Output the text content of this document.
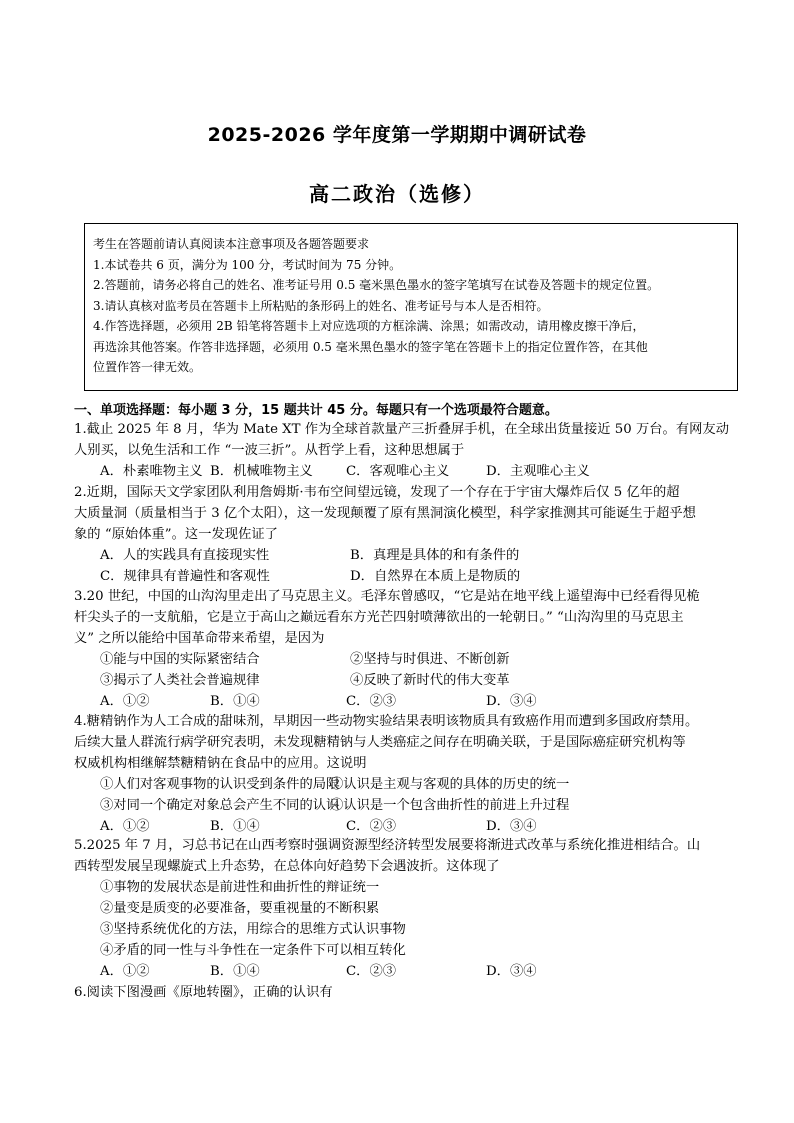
2025-2026 学年度第一学期期中调研试卷
高二政治（选修）
考生在答题前请认真阅读本注意事项及各题答题要求
1.本试卷共 6 页，满分为 100 分，考试时间为 75 分钟。
2.答题前，请务必将自己的姓名、准考证号用 0.5 毫米黑色墨水的签字笔填写在试卷及答题卡的规定位置。
3.请认真核对监考员在答题卡上所粘贴的条形码上的姓名、准考证号与本人是否相符。
4.作答选择题，必须用 2B 铅笔将答题卡上对应选项的方框涂满、涂黑；如需改动，请用橡皮擦干净后，
再选涂其他答案。作答非选择题，必须用 0.5 毫米黑色墨水的签字笔在答题卡上的指定位置作答，在其他
位置作答一律无效。
一、单项选择题：每小题 3 分，15 题共计 45 分。每题只有一个选项最符合题意。
1.截止 2025 年 8 月，华为 Mate XT 作为全球首款量产三折叠屏手机，在全球出货量接近 50 万台。有网友动
人别买，以免生活和工作 “一波三折”。从哲学上看，这种思想属于
A．朴素唯物主义 B．机械唯物主义 C．客观唯心主义	D．主观唯心主义
2.近期，国际天文学家团队利用詹姆斯·韦布空间望远镜，发现了一个存在于宇宙大爆炸后仅 5 亿年的超
大质量洞（质量相当于 3 亿个太阳），这一发现颠覆了原有黑洞演化模型，科学家推测其可能诞生于超乎想
象的 “原始体重”。这一发现佐证了
A．人的实践具有直接现实性	B．真理是具体的和有条件的
C．规律具有普遍性和客观性	D．自然界在本质上是物质的
3.20 世纪，中国的山沟沟里走出了马克思主义。毛泽东曾感叹，“它是站在地平线上遥望海中已经看得见桅
杆尖头子的一支航船，它是立于高山之巅远看东方光芒四射喷薄欲出的一轮朝日。” “山沟沟里的马克思主
义” 之所以能给中国革命带来希望，是因为
①能与中国的实际紧密结合	②坚持与时俱进、不断创新
③揭示了人类社会普遍规律	④反映了新时代的伟大变革
A．①②	B．①④	C．②③	D．③④
4.糖精钠作为人工合成的甜味剂，早期因一些动物实验结果表明该物质具有致癌作用而遭到多国政府禁用。
后续大量人群流行病学研究表明，未发现糖精钠与人类癌症之间存在明确关联，于是国际癌症研究机构等
权威机构相继解禁糖精钠在食品中的应用。这说明
①人们对客观事物的认识受到条件的局限
②认识是主观与客观的具体的历史的统一
③对同一个确定对象总会产生不同的认识
④认识是一个包含曲折性的前进上升过程
A．①②	B．①④	C．②③	D．③④
5.2025 年 7 月，习总书记在山西考察时强调资源型经济转型发展要将渐进式改革与系统化推进相结合。山
西转型发展呈现螺旋式上升态势，在总体向好趋势下会遇波折。这体现了
①事物的发展状态是前进性和曲折性的辩证统一
②量变是质变的必要准备，要重视量的不断积累
③坚持系统优化的方法，用综合的思维方式认识事物
④矛盾的同一性与斗争性在一定条件下可以相互转化
A．①②	B．①④	C．②③	D．③④
6.阅读下图漫画《原地转圈》，正确的认识有
